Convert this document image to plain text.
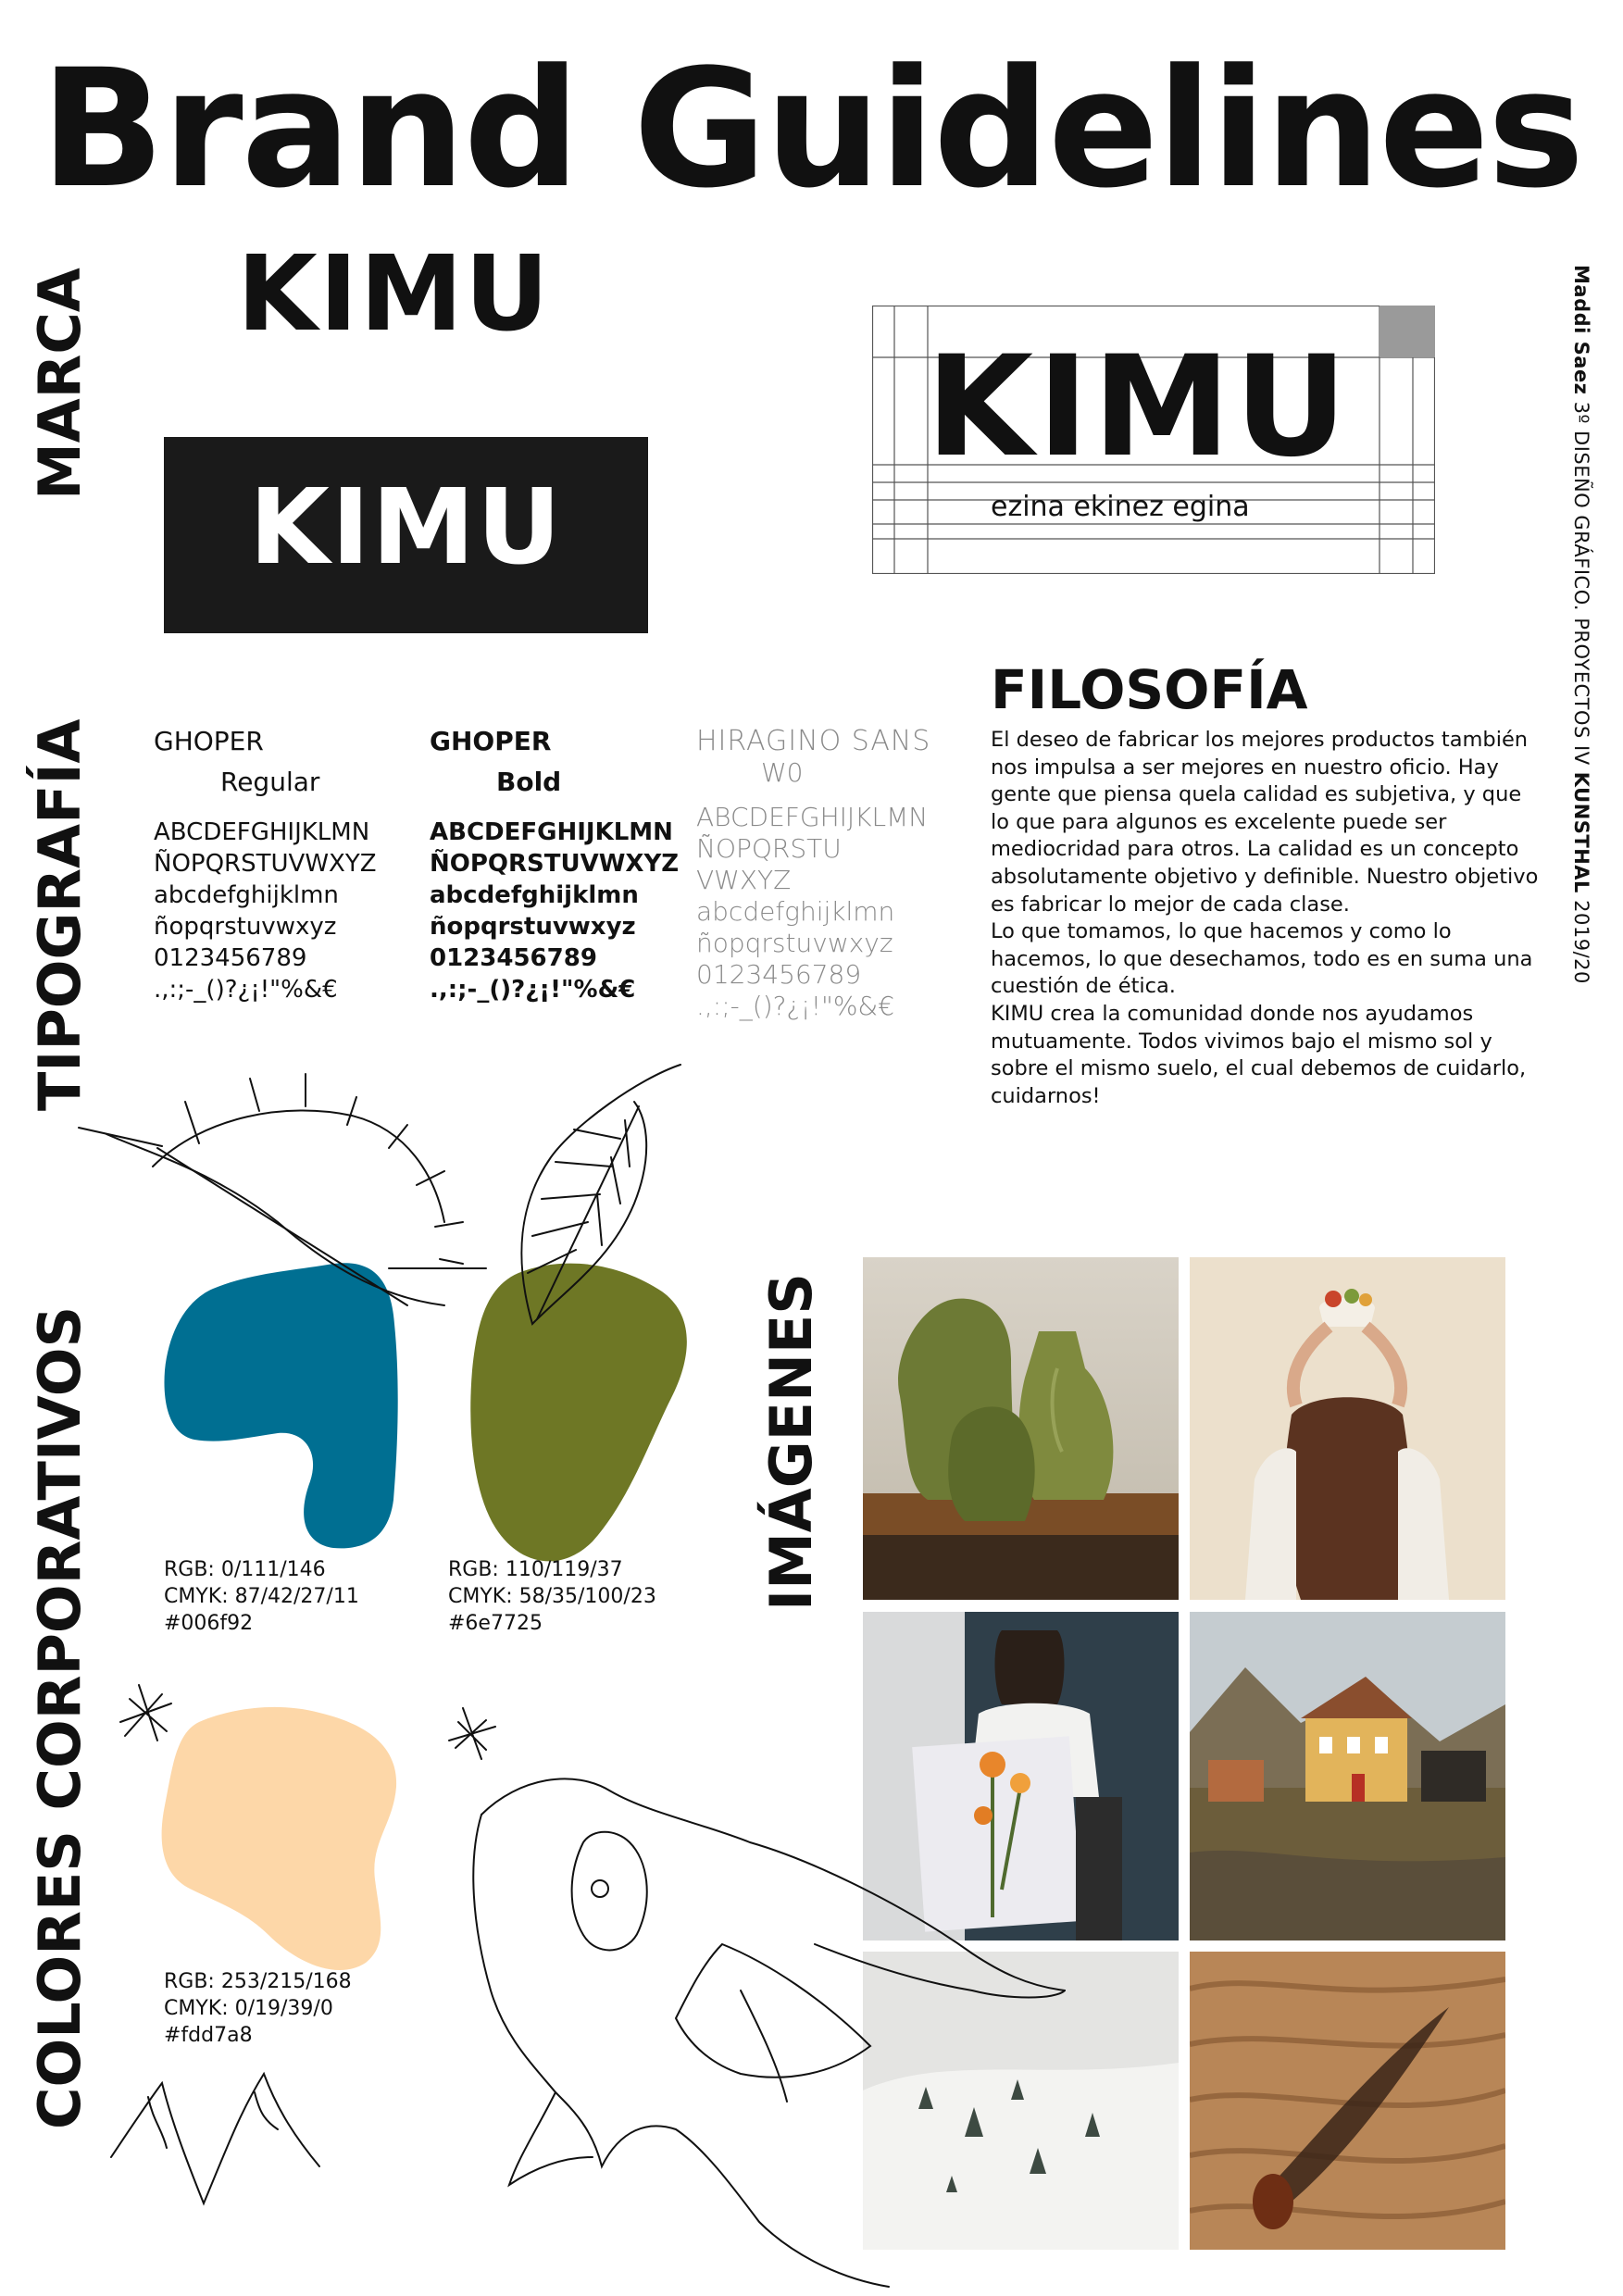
Brand Guidelines
MARCA
TIPOGRAFÍA
COLORES CORPORATIVOS	IMÁGENES
Maddi Saez 3º DISEÑO GRÁFICO. PROYECTOS IV KUNSTHAL 2019/20
KIMU
KIMU
KIMU
ezina ekinez egina
GHOPER
Regular
ABCDEFGHIJKLMN
ÑOPQRSTUVWXYZ
abcdefghijklmn
ñopqrstuvwxyz
0123456789
.,:;-_()?¿¡!"%&€
GHOPER
Bold
ABCDEFGHIJKLMN
ÑOPQRSTUVWXYZ
abcdefghijklmn
ñopqrstuvwxyz
0123456789
.,:;-_()?¿¡!"%&€
HIRAGINO SANS
W0
ABCDEFGHIJKLMN
ÑOPQRSTU
VWXYZ
abcdefghijklmn
ñopqrstuvwxyz
0123456789
.,:;-_()?¿¡!"%&€
FILOSOFÍA

El deseo de fabricar los mejores productos también nos impulsa a ser mejores en nuestro oficio. Hay gente que piensa quela calidad es subjetiva, y que lo que para algunos es excelente puede ser mediocridad para otros. La calidad es un concepto absolutamente objetivo y definible. Nuestro objetivo es fabricar lo mejor de cada clase.

Lo que tomamos, lo que hacemos y como lo hacemos, lo que desechamos, todo es en suma una cuestión de ética.

KIMU crea la comunidad donde nos ayudamos mutuamente. Todos vivimos bajo el mismo sol y sobre el mismo suelo, el cual debemos de cuidarlo, cuidarnos!

RGB: 0/111/146
CMYK: 87/42/27/11
#006f92
RGB: 110/119/37
CMYK: 58/35/100/23
#6e7725
RGB: 253/215/168
CMYK: 0/19/39/0
#fdd7a8
